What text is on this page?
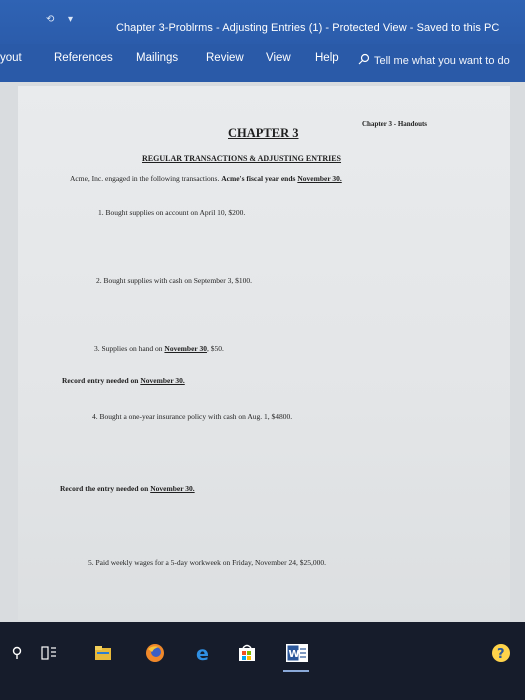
⟲ ▾
Chapter 3-Problrms - Adjusting Entries (1) - Protected View - Saved to this PC
yout	References Mailings Review View Help	Tell me what you want to do
Chapter 3 - Handouts
CHAPTER 3
REGULAR TRANSACTIONS & ADJUSTING ENTRIES
Acme, Inc. engaged in the following transactions. Acme's fiscal year ends November 30.
1. Bought supplies on account on April 10, $200.
2. Bought supplies with cash on September 3, $100.
3. Supplies on hand on November 30, $50.
Record entry needed on November 30.
4. Bought a one-year insurance policy with cash on Aug. 1, $4800.
Record the entry needed on November 30.
5. Paid weekly wages for a 5-day workweek on Friday, November 24, $25,000.
e	W	?
